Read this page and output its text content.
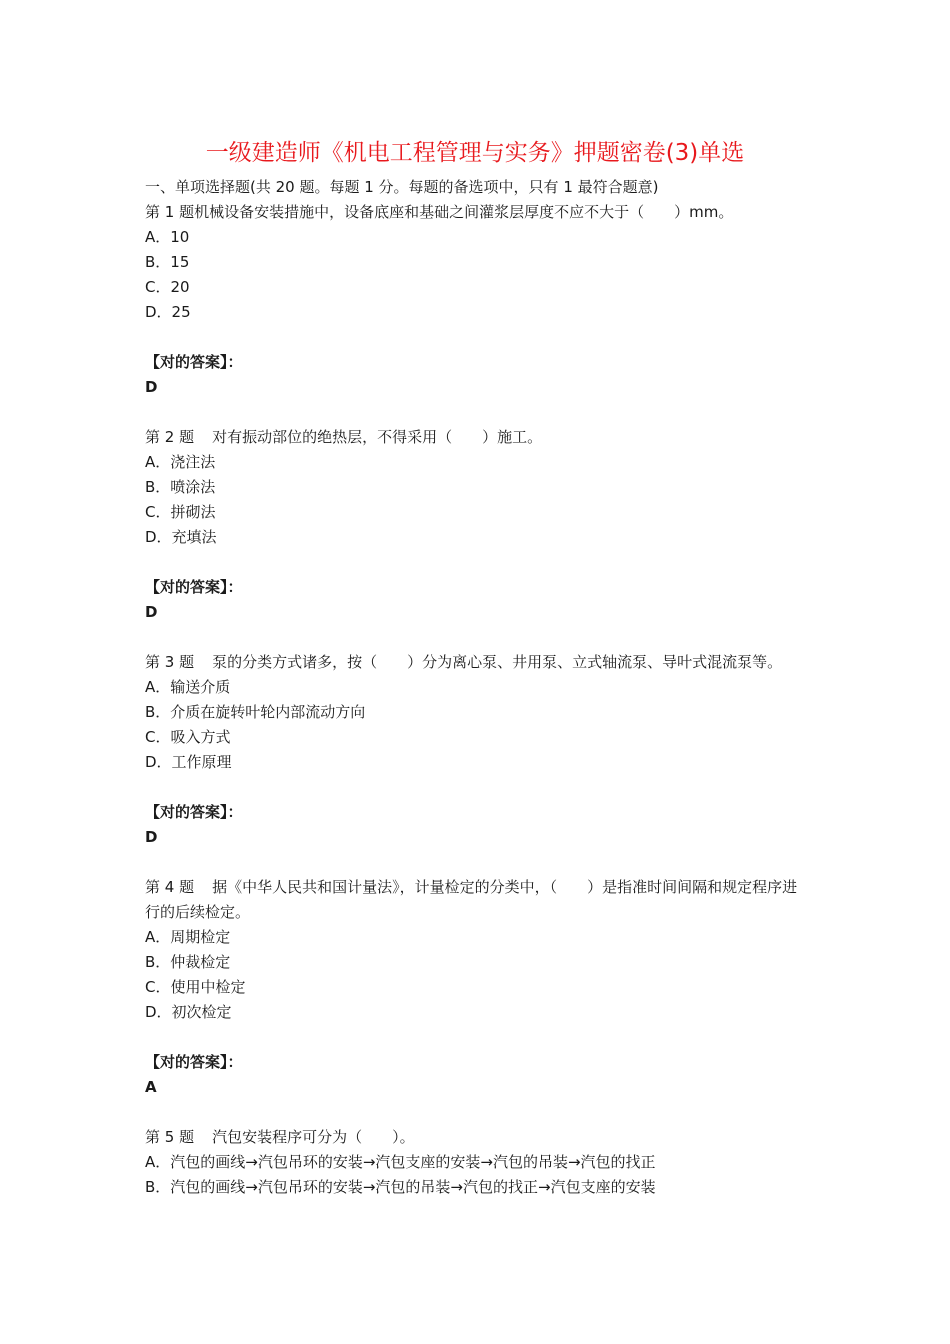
一级建造师《机电工程管理与实务》押题密卷(3)单选

一、单项选择题(共 20 题。每题 1 分。每题的备选项中，只有 1 最符合题意)

第 1 题机械设备安装措施中，设备底座和基础之间灌浆层厚度不应不大于（　　）mm。

A．10

B．15

C．20

D．25

【对的答案】：

D

第 2 题 对有振动部位的绝热层，不得采用（　　）施工。

A．浇注法

B．喷涂法

C．拼砌法

D．充填法

【对的答案】：

D

第 3 题 泵的分类方式诸多，按（　　）分为离心泵、井用泵、立式轴流泵、导叶式混流泵等。

A．输送介质

B．介质在旋转叶轮内部流动方向

C．吸入方式

D．工作原理

【对的答案】：

D

第 4 题 据《中华人民共和国计量法》，计量检定的分类中，（　　）是指准时间间隔和规定程序进行的后续检定。

A．周期检定

B．仲裁检定

C．使用中检定

D．初次检定

【对的答案】：

A

第 5 题 汽包安装程序可分为（　　）。

A．汽包的画线→汽包吊环的安装→汽包支座的安装→汽包的吊装→汽包的找正

B．汽包的画线→汽包吊环的安装→汽包的吊装→汽包的找正→汽包支座的安装
